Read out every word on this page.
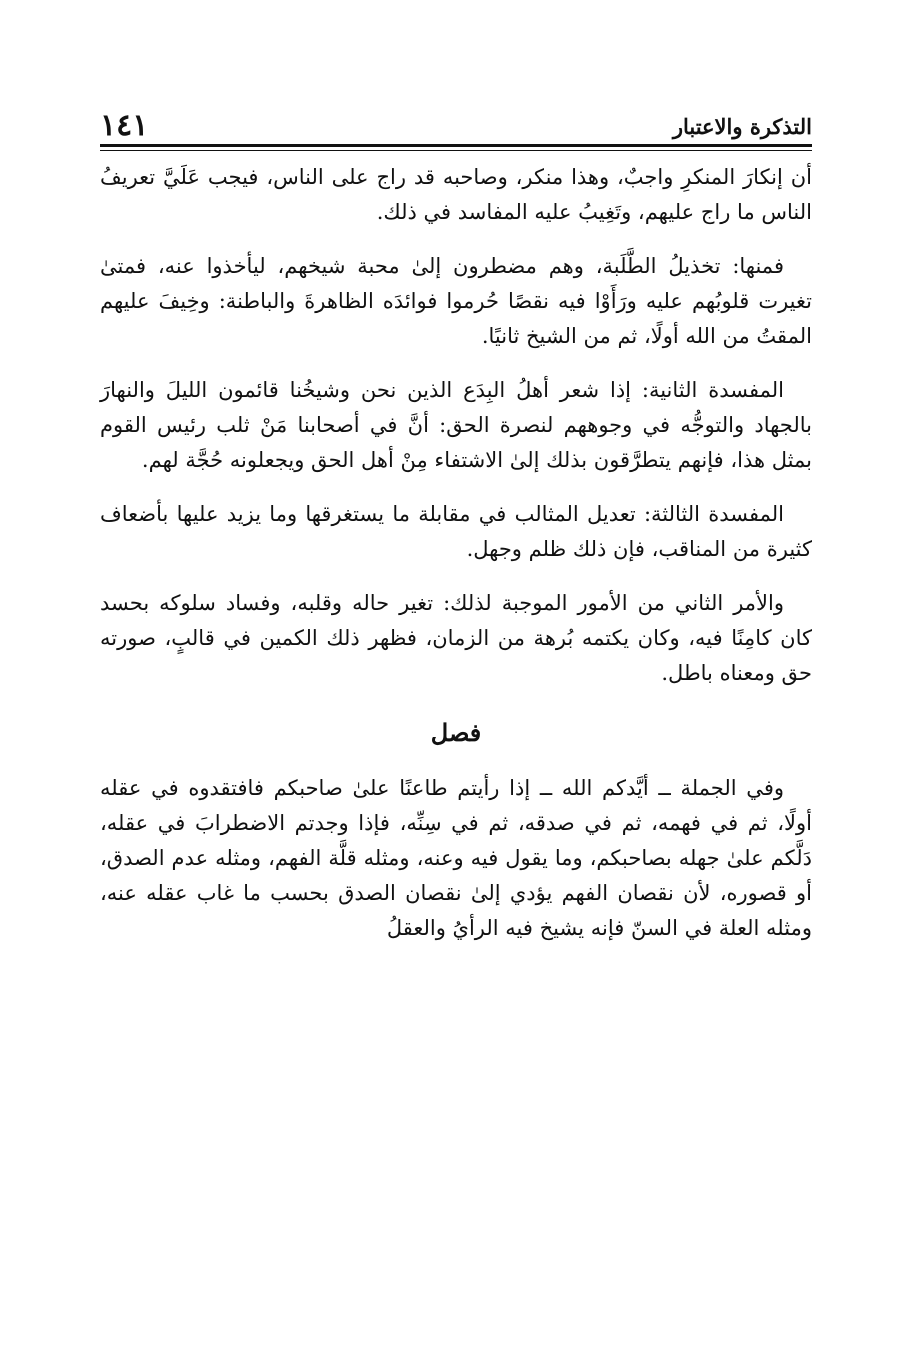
التذكرة والاعتبار
١٤١

أن إنكارَ المنكرِ واجبٌ، وهذا منكر، وصاحبه قد راج على الناس، فيجب عَلَيَّ تعريفُ الناس ما راج عليهم، وتَغِيبُ عليه المفاسد في ذلك.

فمنها: تخذيلُ الطَّلَبة، وهم مضطرون إلىٰ محبة شيخهم، ليأخذوا عنه، فمتىٰ تغيرت قلوبُهم عليه ورَأَوْا فيه نقصًا حُرموا فوائدَه الظاهرةَ والباطنة: وخِيفَ عليهم المقتُ من الله أولًا، ثم من الشيخ ثانيًا.

المفسدة الثانية: إذا شعر أهلُ البِدَع الذين نحن وشيخُنا قائمون الليلَ والنهارَ بالجهاد والتوجُّه في وجوههم لنصرة الحق: أنَّ في أصحابنا مَنْ ثلب رئيس القوم بمثل هذا، فإنهم يتطرَّقون بذلك إلىٰ الاشتفاء مِنْ أهل الحق ويجعلونه حُجَّة لهم.

المفسدة الثالثة: تعديل المثالب في مقابلة ما يستغرقها وما يزيد عليها بأضعاف كثيرة من المناقب، فإن ذلك ظلم وجهل.

والأمر الثاني من الأمور الموجبة لذلك: تغير حاله وقلبه، وفساد سلوكه بحسد كان كامِنًا فيه، وكان يكتمه بُرهة من الزمان، فظهر ذلك الكمين في قالبٍ، صورته حق ومعناه باطل.

فصل

وفي الجملة ــ أيَّدكم الله ــ إذا رأيتم طاعنًا علىٰ صاحبكم فافتقدوه في عقله أولًا، ثم في فهمه، ثم في صدقه، ثم في سِنِّه، فإذا وجدتم الاضطرابَ في عقله، دَلَّكم علىٰ جهله بصاحبكم، وما يقول فيه وعنه، ومثله قلَّة الفهم، ومثله عدم الصدق، أو قصوره، لأن نقصان الفهم يؤدي إلىٰ نقصان الصدق بحسب ما غاب عقله عنه، ومثله العلة في السنّ فإنه يشيخ فيه الرأيُ والعقلُ
